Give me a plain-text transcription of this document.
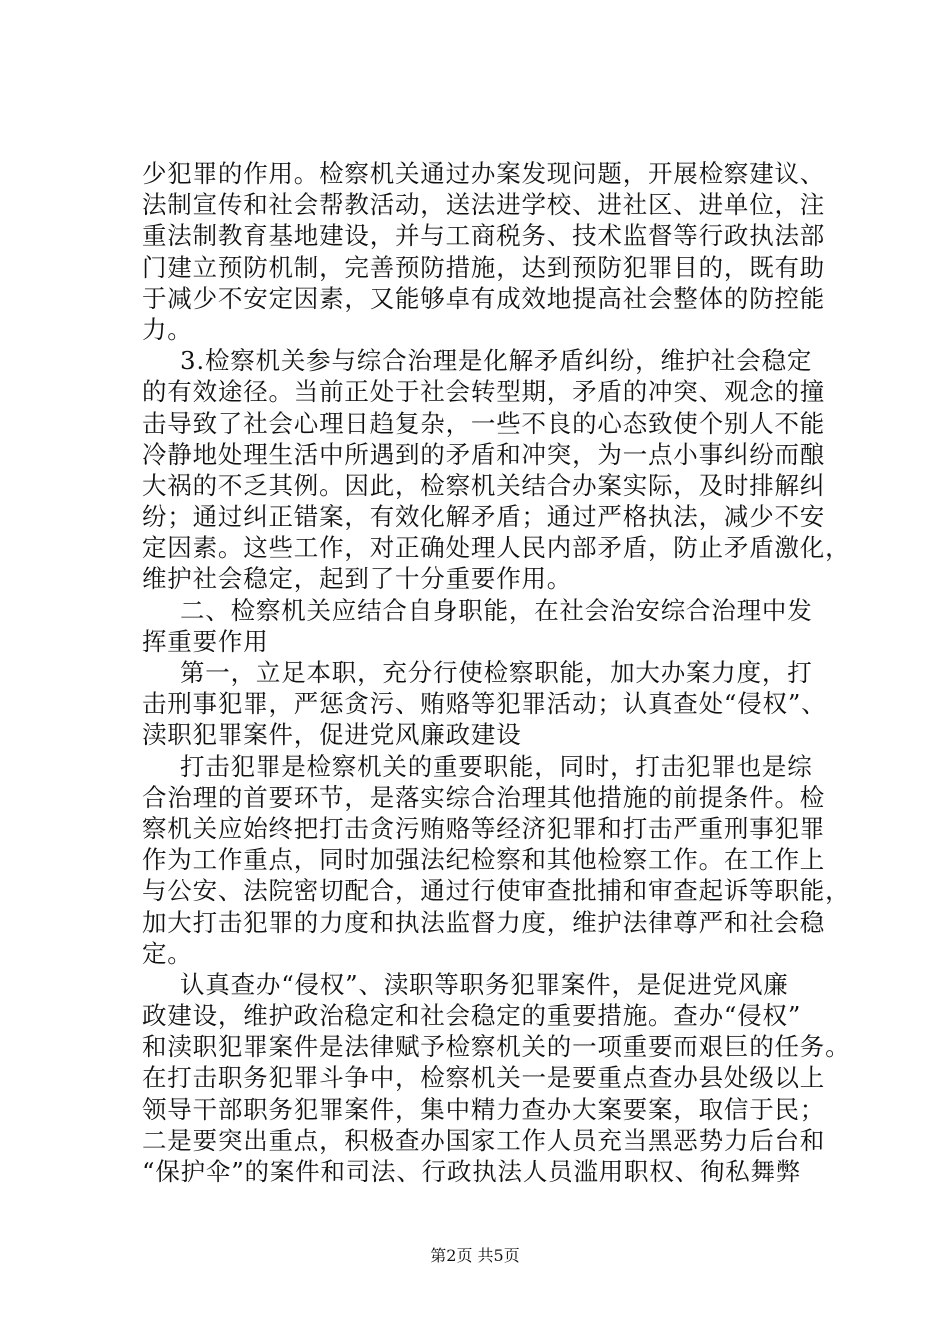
少犯罪的作用。检察机关通过办案发现问题，开展检察建议、
法制宣传和社会帮教活动，送法进学校、进社区、进单位，注
重法制教育基地建设，并与工商税务、技术监督等行政执法部
门建立预防机制，完善预防措施，达到预防犯罪目的，既有助
于减少不安定因素，又能够卓有成效地提高社会整体的防控能
力。
3.检察机关参与综合治理是化解矛盾纠纷，维护社会稳定
的有效途径。当前正处于社会转型期，矛盾的冲突、观念的撞
击导致了社会心理日趋复杂，一些不良的心态致使个别人不能
冷静地处理生活中所遇到的矛盾和冲突，为一点小事纠纷而酿
大祸的不乏其例。因此，检察机关结合办案实际，及时排解纠
纷；通过纠正错案，有效化解矛盾；通过严格执法，减少不安
定因素。这些工作，对正确处理人民内部矛盾，防止矛盾激化，
维护社会稳定，起到了十分重要作用。
二、检察机关应结合自身职能，在社会治安综合治理中发
挥重要作用
第一，立足本职，充分行使检察职能，加大办案力度，打
击刑事犯罪，严惩贪污、贿赂等犯罪活动；认真查处“侵权”、
渎职犯罪案件，促进党风廉政建设
打击犯罪是检察机关的重要职能，同时，打击犯罪也是综
合治理的首要环节，是落实综合治理其他措施的前提条件。检
察机关应始终把打击贪污贿赂等经济犯罪和打击严重刑事犯罪
作为工作重点，同时加强法纪检察和其他检察工作。在工作上
与公安、法院密切配合，通过行使审查批捕和审查起诉等职能，
加大打击犯罪的力度和执法监督力度，维护法律尊严和社会稳
定。
认真查办“侵权”、渎职等职务犯罪案件，是促进党风廉
政建设，维护政治稳定和社会稳定的重要措施。查办“侵权”
和渎职犯罪案件是法律赋予检察机关的一项重要而艰巨的任务。
在打击职务犯罪斗争中，检察机关一是要重点查办县处级以上
领导干部职务犯罪案件，集中精力查办大案要案，取信于民；
二是要突出重点，积极查办国家工作人员充当黑恶势力后台和
“保护伞”的案件和司法、行政执法人员滥用职权、徇私舞弊
第2页 共5页
